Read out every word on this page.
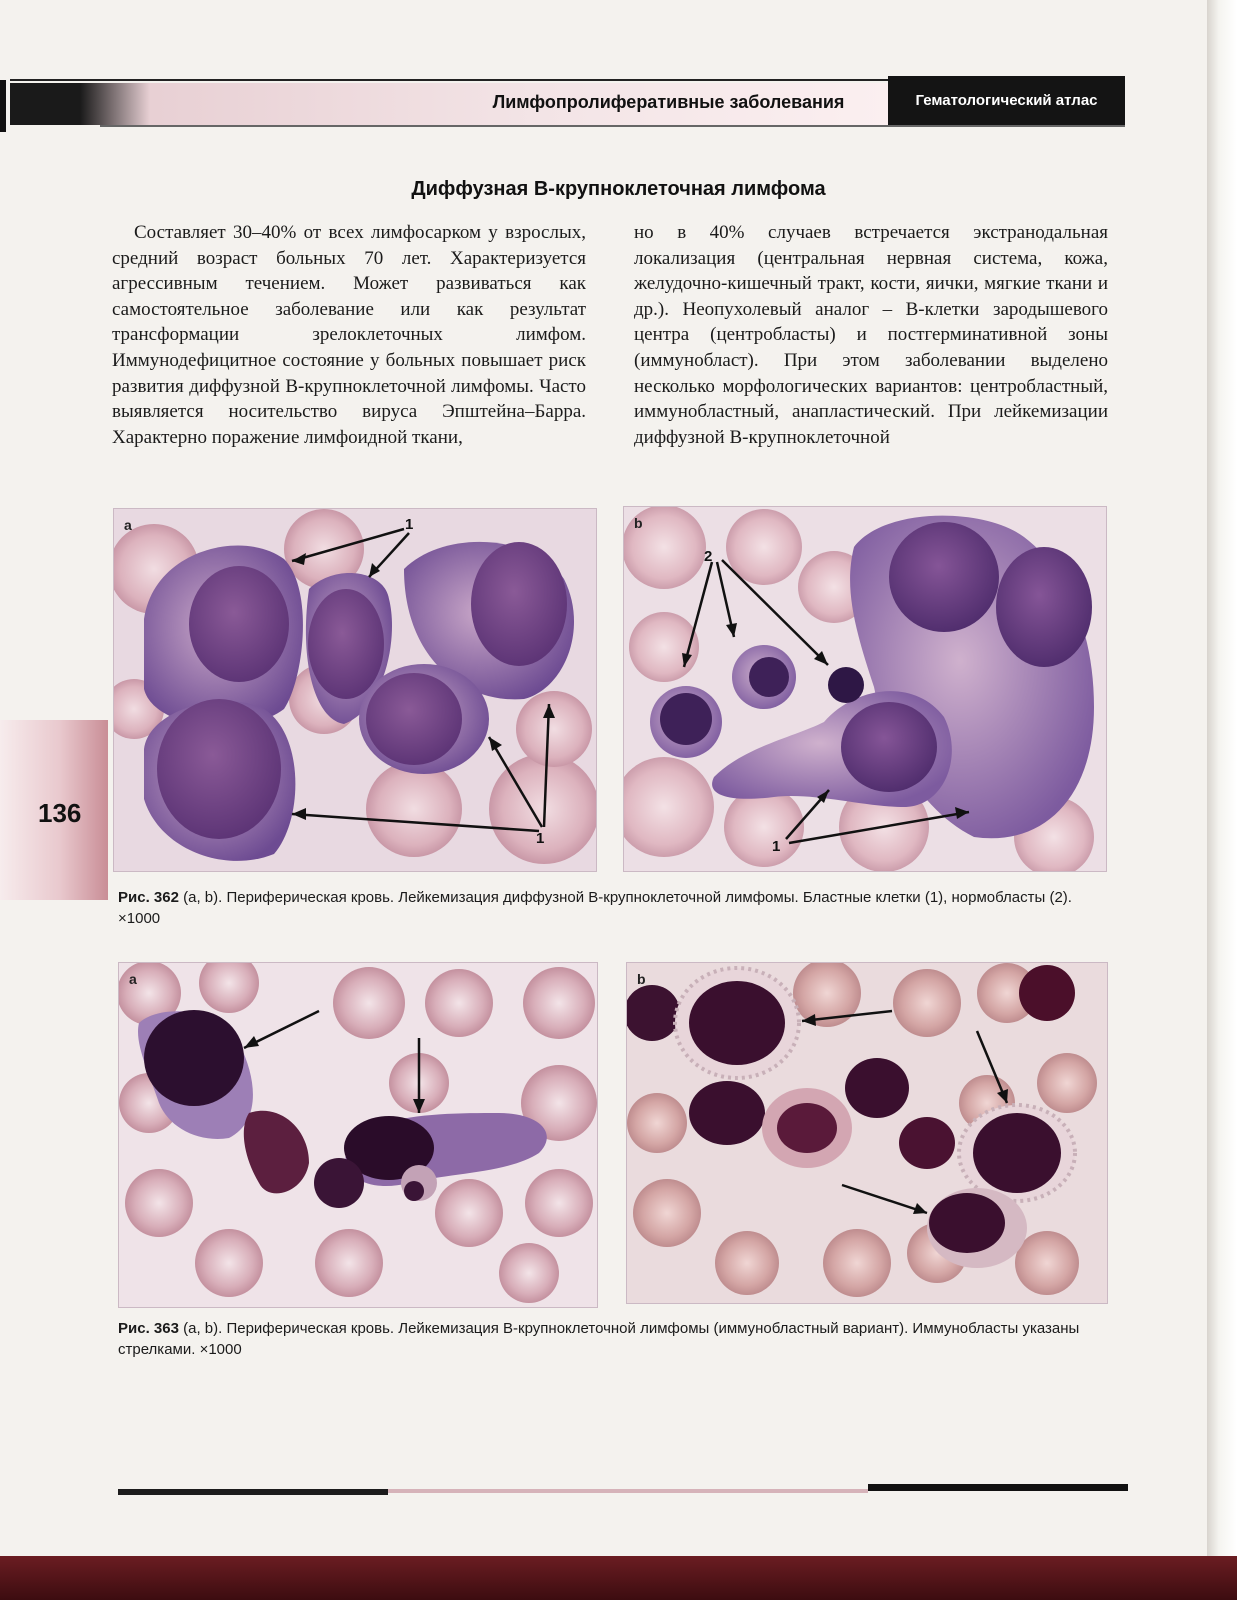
Лимфопролиферативные заболевания	Гематологический атлас
136
Диффузная В-крупноклеточная лимфома

Составляет 30–40% от всех лимфосарком у взрослых, средний возраст больных 70 лет. Характеризуется агрессивным течением. Может развиваться как самостоятельное заболевание или как результат трансформации зрелоклеточных лимфом. Иммунодефицитное состояние у больных повышает риск развития диффузной В-крупноклеточной лимфомы. Часто выявляется носительство вируса Эпштейна–Барра. Характерно поражение лимфоидной ткани,

но в 40% случаев встречается экстранодальная локализация (центральная нервная система, кожа, желудочно-кишечный тракт, кости, яички, мягкие ткани и др.). Неопухолевый аналог – В-клетки зародышевого центра (центробласты) и постгерминативной зоны (иммунобласт). При этом заболевании выделено несколько морфологических вариантов: центробластный, иммунобластный, анапластический. При лейкемизации диффузной В-крупноклеточной

1
1
a
2
1
b
Рис. 362 (a, b). Периферическая кровь. Лейкемизация диффузной В-крупноклеточной лимфомы. Бластные клетки (1), нормобласты (2). ×1000
a	b
Рис. 363 (a, b). Периферическая кровь. Лейкемизация В-крупноклеточной лимфомы (иммунобластный вариант). Иммунобласты указаны стрелками. ×1000
